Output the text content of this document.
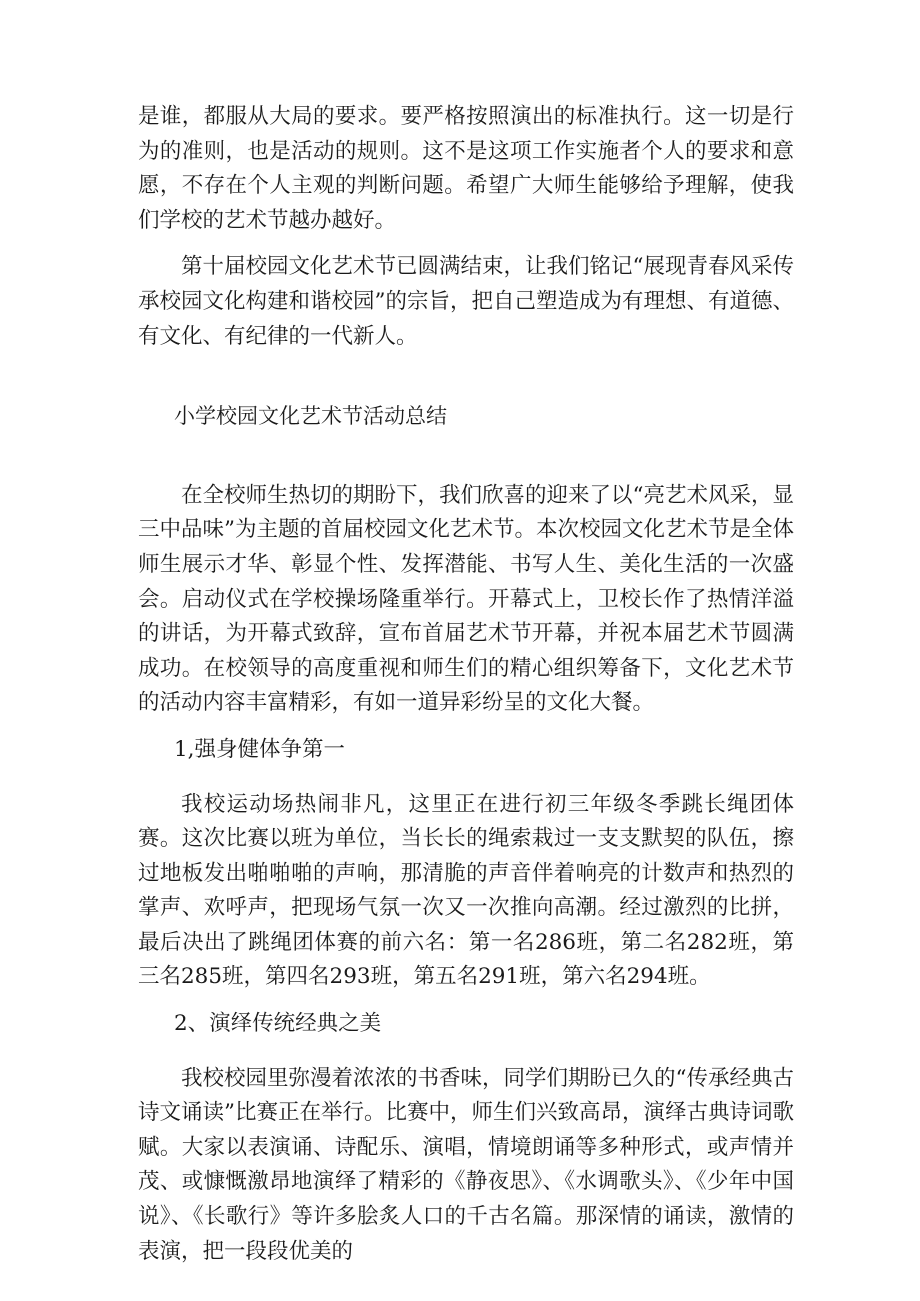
是谁，都服从大局的要求。要严格按照演出的标准执行。这一切是行为的准则，也是活动的规则。这不是这项工作实施者个人的要求和意愿，不存在个人主观的判断问题。希望广大师生能够给予理解，使我们学校的艺术节越办越好。

第十届校园文化艺术节已圆满结束，让我们铭记“展现青春风采传承校园文化构建和谐校园”的宗旨，把自己塑造成为有理想、有道德、有文化、有纪律的一代新人。

小学校园文化艺术节活动总结

在全校师生热切的期盼下，我们欣喜的迎来了以“亮艺术风采，显三中品味”为主题的首届校园文化艺术节。本次校园文化艺术节是全体师生展示才华、彰显个性、发挥潜能、书写人生、美化生活的一次盛会。启动仪式在学校操场隆重举行。开幕式上，卫校长作了热情洋溢的讲话，为开幕式致辞，宣布首届艺术节开幕，并祝本届艺术节圆满成功。在校领导的高度重视和师生们的精心组织筹备下，文化艺术节的活动内容丰富精彩，有如一道异彩纷呈的文化大餐。

1,强身健体争第一

我校运动场热闹非凡，这里正在进行初三年级冬季跳长绳团体赛。这次比赛以班为单位，当长长的绳索栽过一支支默契的队伍，擦过地板发出啪啪啪的声响，那清脆的声音伴着响亮的计数声和热烈的掌声、欢呼声，把现场气氛一次又一次推向高潮。经过激烈的比拼，最后决出了跳绳团体赛的前六名：第一名286班，第二名282班，第三名285班，第四名293班，第五名291班，第六名294班。

2、演绎传统经典之美

我校校园里弥漫着浓浓的书香味，同学们期盼已久的“传承经典古诗文诵读”比赛正在举行。比赛中，师生们兴致高昂，演绎古典诗词歌赋。大家以表演诵、诗配乐、演唱，情境朗诵等多种形式，或声情并茂、或慷慨激昂地演绎了精彩的《静夜思》、《水调歌头》、《少年中国说》、《长歌行》等许多脍炙人口的千古名篇。那深情的诵读，激情的表演，把一段段优美的
